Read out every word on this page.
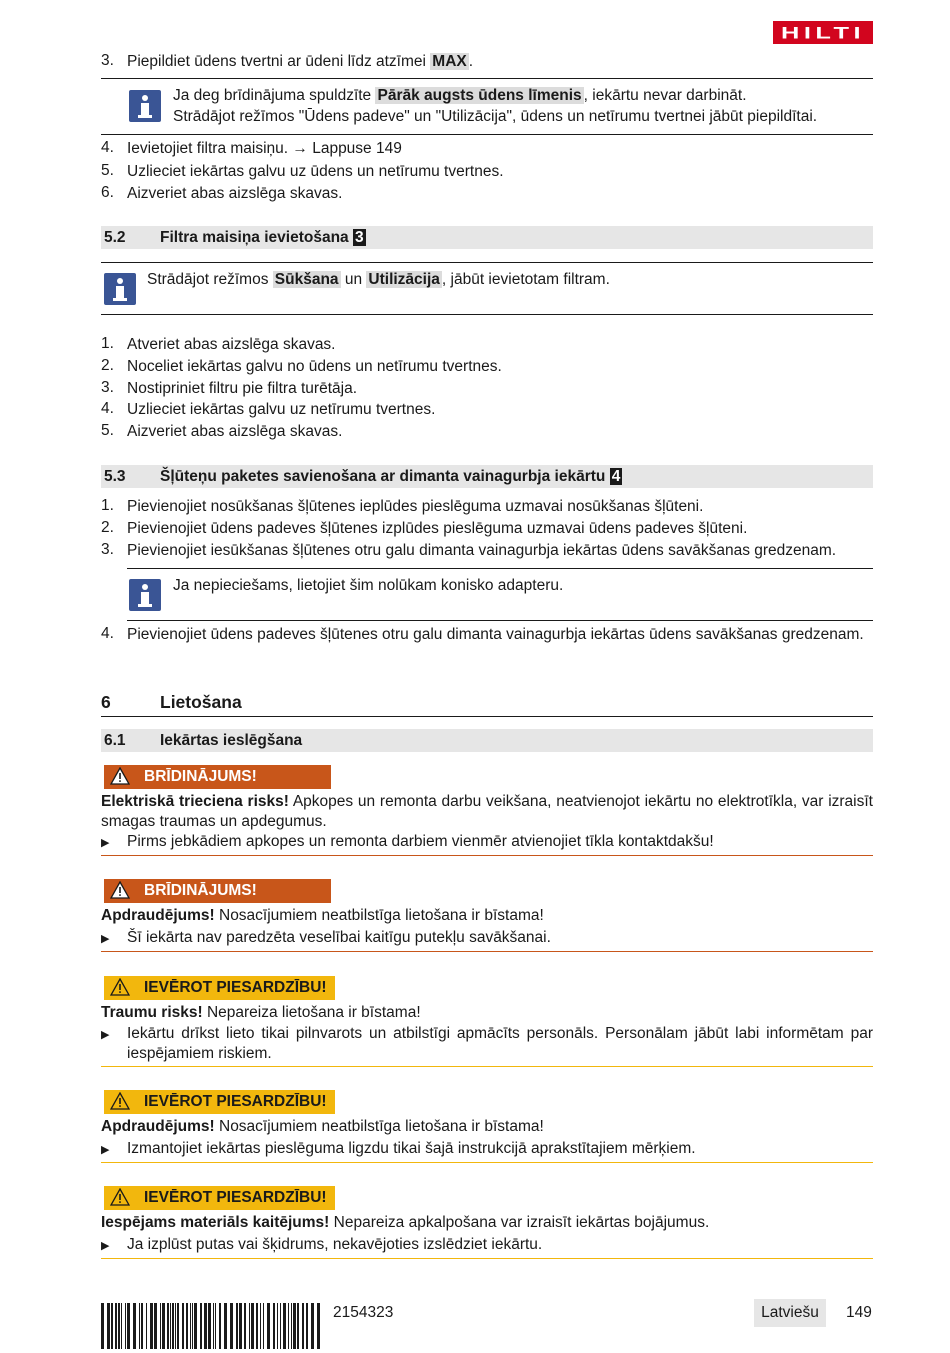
HILTI
3. Piepildiet ūdens tvertni ar ūdeni līdz atzīmei MAX .
Ja deg brīdinājuma spuldzīte Pārāk augsts ūdens līmenis , iekārtu nevar darbināt.
Strādājot režīmos "Ūdens padeve" un "Utilizācija", ūdens un netīrumu tvertnei jābūt piepildītai.
4. Ievietojiet filtra maisiņu. → Lappuse 149
5. Uzlieciet iekārtas galvu uz ūdens un netīrumu tvertnes.
6. Aizveriet abas aizslēga skavas.
5.2 Filtra maisiņa ievietošana 3
Strādājot režīmos Sūkšana un Utilizācija , jābūt ievietotam filtram.
1. Atveriet abas aizslēga skavas.
2. Noceliet iekārtas galvu no ūdens un netīrumu tvertnes.
3. Nostipriniet filtru pie filtra turētāja.
4. Uzlieciet iekārtas galvu uz netīrumu tvertnes.
5. Aizveriet abas aizslēga skavas.
5.3 Šļūteņu paketes savienošana ar dimanta vainagurbja iekārtu 4
1. Pievienojiet nosūkšanas šļūtenes ieplūdes pieslēguma uzmavai nosūkšanas šļūteni.
2. Pievienojiet ūdens padeves šļūtenes izplūdes pieslēguma uzmavai ūdens padeves šļūteni.
3. Pievienojiet iesūkšanas šļūtenes otru galu dimanta vainagurbja iekārtas ūdens savākšanas gredzenam.
Ja nepieciešams, lietojiet šim nolūkam konisko adapteru.
4. Pievienojiet ūdens padeves šļūtenes otru galu dimanta vainagurbja iekārtas ūdens savākšanas gredzenam.
6	Lietošana
6.1 Iekārtas ieslēgšana
BRĪDINĀJUMS!
Elektriskā trieciena risks! Apkopes un remonta darbu veikšana, neatvienojot iekārtu no elektrotīkla, var izraisīt smagas traumas un apdegumus.
▶ Pirms jebkādiem apkopes un remonta darbiem vienmēr atvienojiet tīkla kontaktdakšu!
BRĪDINĀJUMS!
Apdraudējums! Nosacījumiem neatbilstīga lietošana ir bīstama!
▶ Šī iekārta nav paredzēta veselībai kaitīgu putekļu savākšanai.
IEVĒROT PIESARDZĪBU!
Traumu risks! Nepareiza lietošana ir bīstama!
▶ Iekārtu drīkst lieto tikai pilnvarots un atbilstīgi apmācīts personāls. Personālam jābūt labi informētam par iespējamiem riskiem.
IEVĒROT PIESARDZĪBU!
Apdraudējums! Nosacījumiem neatbilstīga lietošana ir bīstama!
▶ Izmantojiet iekārtas pieslēguma ligzdu tikai šajā instrukcijā aprakstītajiem mērķiem.
IEVĒROT PIESARDZĪBU!
Iespējams materiāls kaitējums! Nepareiza apkalpošana var izraisīt iekārtas bojājumus.
▶ Ja izplūst putas vai šķidrums, nekavējoties izslēdziet iekārtu.
2154323	Latviešu	149
